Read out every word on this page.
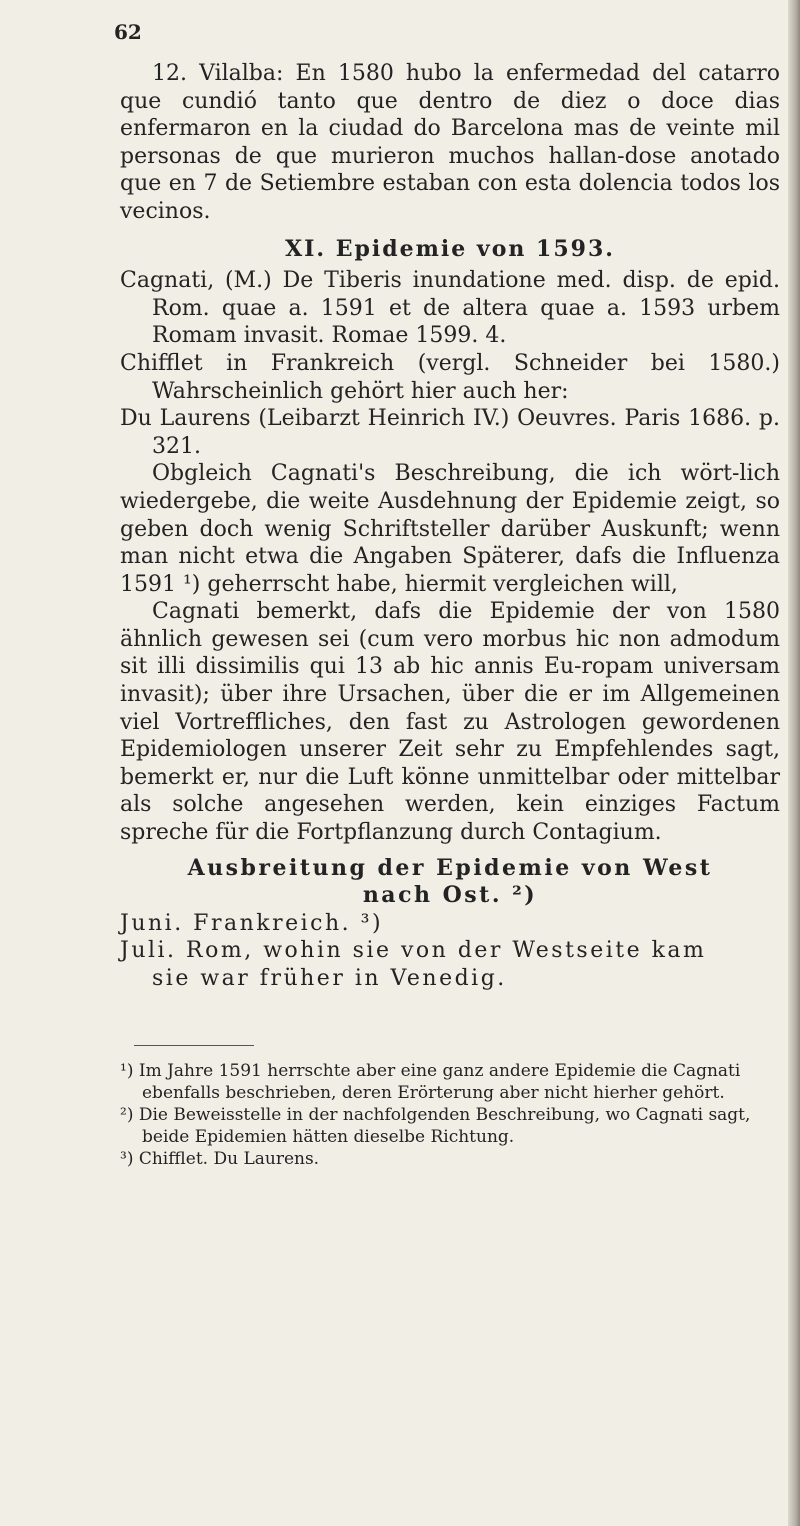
62

12. Vilalba: En 1580 hubo la enfermedad del catarro que cundió tanto que dentro de diez o doce dias enfermaron en la ciudad do Barcelona mas de veinte mil personas de que murieron muchos hallan-dose anotado que en 7 de Setiembre estaban con esta dolencia todos los vecinos.

XI. Epidemie von 1593.

Cagnati, (M.) De Tiberis inundatione med. disp. de epid. Rom. quae a. 1591 et de altera quae a. 1593 urbem Romam invasit. Romae 1599. 4.

Chifflet in Frankreich (vergl. Schneider bei 1580.) Wahrscheinlich gehört hier auch her:

Du Laurens (Leibarzt Heinrich IV.) Oeuvres. Paris 1686. p. 321.

Obgleich Cagnati's Beschreibung, die ich wört-lich wiedergebe, die weite Ausdehnung der Epidemie zeigt, so geben doch wenig Schriftsteller darüber Auskunft; wenn man nicht etwa die Angaben Späterer, dafs die Influenza 1591 ¹) geherrscht habe, hiermit vergleichen will,

Cagnati bemerkt, dafs die Epidemie der von 1580 ähnlich gewesen sei (cum vero morbus hic non admodum sit illi dissimilis qui 13 ab hic annis Eu-ropam universam invasit); über ihre Ursachen, über die er im Allgemeinen viel Vortreffliches, den fast zu Astrologen gewordenen Epidemiologen unserer Zeit sehr zu Empfehlendes sagt, bemerkt er, nur die Luft könne unmittelbar oder mittelbar als solche angesehen werden, kein einziges Factum spreche für die Fortpflanzung durch Contagium.

Ausbreitung der Epidemie von West
nach Ost. ²)

Juni. Frankreich. ³)

Juli. Rom, wohin sie von der Westseite kam

sie war früher in Venedig.

¹) Im Jahre 1591 herrschte aber eine ganz andere Epidemie die Cagnati ebenfalls beschrieben, deren Erörterung aber nicht hierher gehört.

²) Die Beweisstelle in der nachfolgenden Beschreibung, wo Cagnati sagt, beide Epidemien hätten dieselbe Richtung.

³) Chifflet. Du Laurens.
